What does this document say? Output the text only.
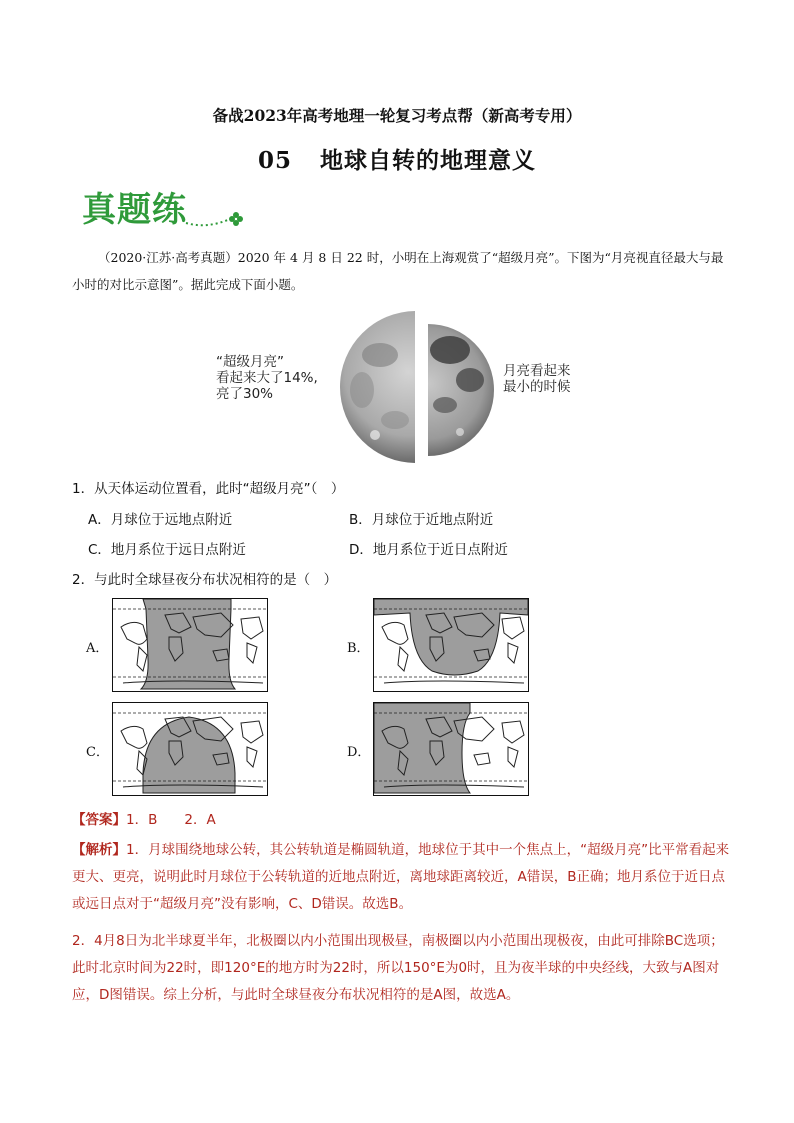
备战2023年高考地理一轮复习考点帮（新高考专用）
05 地球自转的地理意义
真题练
（2020·江苏·高考真题）2020 年 4 月 8 日 22 时，小明在上海观赏了“超级月亮”。下图为“月亮视直径最大与最小时的对比示意图”。据此完成下面小题。
“超级月亮”
看起来大了14%,
亮了30%
月亮看起来
最小的时候
1．从天体运动位置看，此时“超级月亮”（　）
A．月球位于远地点附近	B．月球位于近地点附近
C．地月系位于远日点附近	D．地月系位于近日点附近
2．与此时全球昼夜分布状况相符的是（　）
A．	B．
C．	D．
【答案】1．B　　2．A
【解析】1．月球围绕地球公转，其公转轨道是椭圆轨道，地球位于其中一个焦点上，“超级月亮”比平常看起来更大、更亮，说明此时月球位于公转轨道的近地点附近，离地球距离较近，A错误，B正确；地月系位于近日点或远日点对于“超级月亮”没有影响，C、D错误。故选B。
2．4月8日为北半球夏半年，北极圈以内小范围出现极昼，南极圈以内小范围出现极夜，由此可排除BC选项；此时北京时间为22时，即120°E的地方时为22时，所以150°E为0时，且为夜半球的中央经线，大致与A图对应，D图错误。综上分析，与此时全球昼夜分布状况相符的是A图，故选A。
